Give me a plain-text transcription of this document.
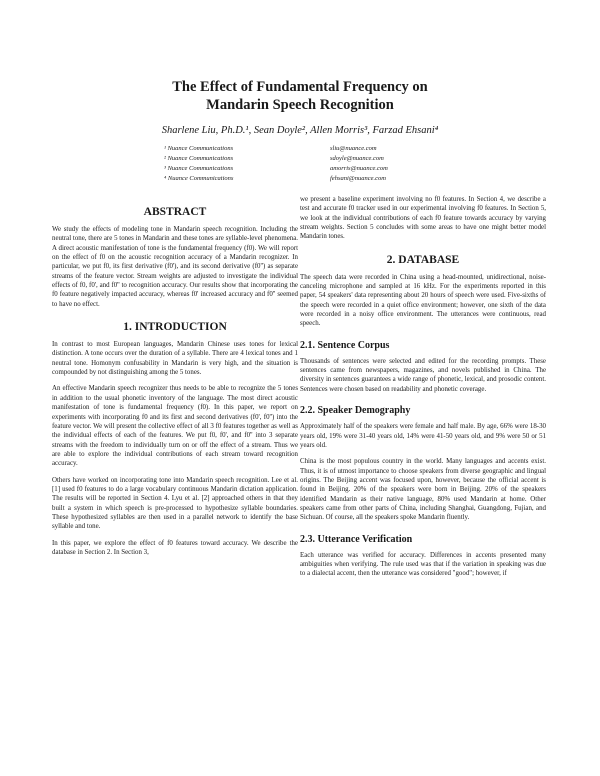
The Effect of Fundamental Frequency on
Mandarin Speech Recognition
Sharlene Liu, Ph.D.¹, Sean Doyle², Allen Morris³, Farzad Ehsani⁴
¹ Nuance Communications
² Nuance Communications
³ Nuance Communications
⁴ Nuance Communications
sliu@nuance.com
sdoyle@nuance.com
amorris@nuance.com
fehsani@nuance.com
ABSTRACT

We study the effects of modeling tone in Mandarin speech recognition. Including the neutral tone, there are 5 tones in Mandarin and these tones are syllable-level phenomena. A direct acoustic manifestation of tone is the fundamental frequency (f0). We will report on the effect of f0 on the acoustic recognition accuracy of a Mandarin recognizer. In particular, we put f0, its first derivative (f0'), and its second derivative (f0'') as separate streams of the feature vector. Stream weights are adjusted to investigate the individual effects of f0, f0', and f0'' to recognition accuracy. Our results show that incorporating the f0 feature negatively impacted accuracy, whereas f0' increased accuracy and f0'' seemed to have no effect.

1. INTRODUCTION

In contrast to most European languages, Mandarin Chinese uses tones for lexical distinction. A tone occurs over the duration of a syllable. There are 4 lexical tones and 1 neutral tone. Homonym confusability in Mandarin is very high, and the situation is compounded by not distinguishing among the 5 tones.

An effective Mandarin speech recognizer thus needs to be able to recognize the 5 tones in addition to the usual phonetic inventory of the language. The most direct acoustic manifestation of tone is fundamental frequency (f0). In this paper, we report on experiments with incorporating f0 and its first and second derivatives (f0', f0'') into the feature vector. We will present the collective effect of all 3 f0 features together as well as the individual effects of each of the features. We put f0, f0', and f0'' into 3 separate streams with the freedom to individually turn on or off the effect of a stream. Thus we are able to explore the individual contributions of each stream toward recognition accuracy.

Others have worked on incorporating tone into Mandarin speech recognition. Lee et al. [1] used f0 features to do a large vocabulary continuous Mandarin dictation application. The results will be reported in Section 4. Lyu et al. [2] approached others in that they built a system in which speech is pre-processed to hypothesize syllable boundaries. These hypothesized syllables are then used in a parallel network to identify the base syllable and tone.

In this paper, we explore the effect of f0 features toward accuracy. We describe the database in Section 2. In Section 3,

we present a baseline experiment involving no f0 features. In Section 4, we describe a test and accurate f0 tracker used in our experimental involving f0 features. In Section 5, we look at the individual contributions of each f0 feature towards accuracy by varying stream weights. Section 5 concludes with some areas to have one might better model Mandarin tones.

2. DATABASE

The speech data were recorded in China using a head-mounted, unidirectional, noise-canceling microphone and sampled at 16 kHz. For the experiments reported in this paper, 54 speakers' data representing about 20 hours of speech were used. Five-sixths of the speech were recorded in a quiet office environment; however, one sixth of the data were recorded in a noisy office environment. The utterances were continuous, read speech.

2.1. Sentence Corpus

Thousands of sentences were selected and edited for the recording prompts. These sentences came from newspapers, magazines, and novels published in China. The diversity in sentences guarantees a wide range of phonetic, lexical, and prosodic content. Sentences were chosen based on readability and phonetic coverage.

2.2. Speaker Demography

Approximately half of the speakers were female and half male. By age, 66% were 18-30 years old, 19% were 31-40 years old, 14% were 41-50 years old, and 9% were 50 or 51 years old.

China is the most populous country in the world. Many languages and accents exist. Thus, it is of utmost importance to choose speakers from diverse geographic and lingual origins. The Beijing accent was focused upon, however, because the official accent is found in Beijing. 20% of the speakers were born in Beijing. 20% of the speakers identified Mandarin as their native language, 80% used Mandarin at home. Other speakers came from other parts of China, including Shanghai, Guangdong, Fujian, and Sichuan. Of course, all the speakers spoke Mandarin fluently.

2.3. Utterance Verification

Each utterance was verified for accuracy. Differences in accents presented many ambiguities when verifying. The rule used was that if the variation in speaking was due to a dialectal accent, then the utterance was considered "good"; however, if
